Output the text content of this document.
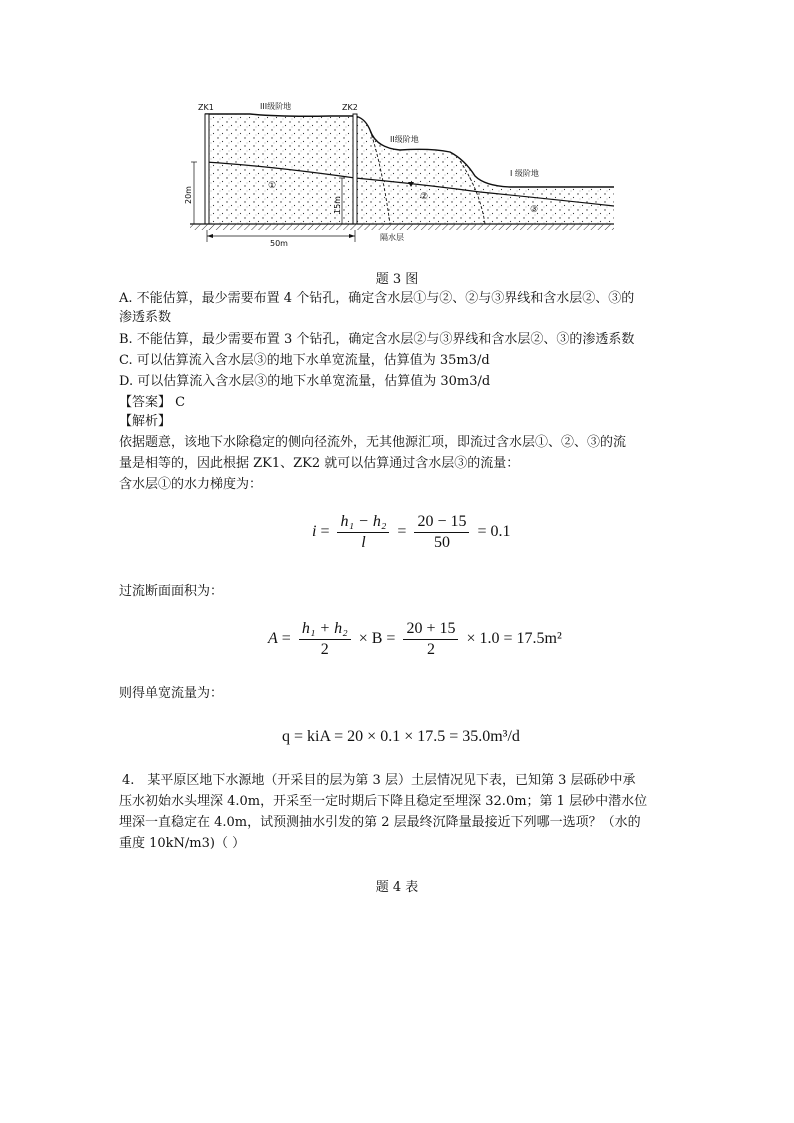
ZK1	ZK2
III级阶地
II级阶地
I 级阶地
①
②
③
20m
15m
50m
隔水层
题 3 图
A. 不能估算，最少需要布置 4 个钻孔，确定含水层①与②、②与③界线和含水层②、③的
渗透系数
B. 不能估算，最少需要布置 3 个钻孔，确定含水层②与③界线和含水层②、③的渗透系数
C. 可以估算流入含水层③的地下水单宽流量，估算值为 35m3/d
D. 可以估算流入含水层③的地下水单宽流量，估算值为 30m3/d
【答案】 C
【解析】
依据题意，该地下水除稳定的侧向径流外，无其他源汇项，即流过含水层①、②、③的流
量是相等的，因此根据 ZK1、ZK2 就可以估算通过含水层③的流量：
含水层①的水力梯度为：
$i = \frac{\text{h₁ − h₂}}{l} = \frac{20 - 15}{50} = 0.1$
过流断面面积为：
$A = \frac{\text{h₁ + h₂}}{2} \times B = \frac{20 + 15}{2} \times 1.0 = 17.5m^2$
则得单宽流量为：
q = kiA = 20 × 0.1 × 17.5 = 35.0m³/d
4.　某平原区地下水源地（开采目的层为第 3 层）土层情况见下表，已知第 3 层砾砂中承
压水初始水头埋深 4.0m，开采至一定时期后下降且稳定至埋深 32.0m；第 1 层砂中潜水位
埋深一直稳定在 4.0m，试预测抽水引发的第 2 层最终沉降量最接近下列哪一选项？（水的
重度 10kN/m3)（ ）
题 4 表
